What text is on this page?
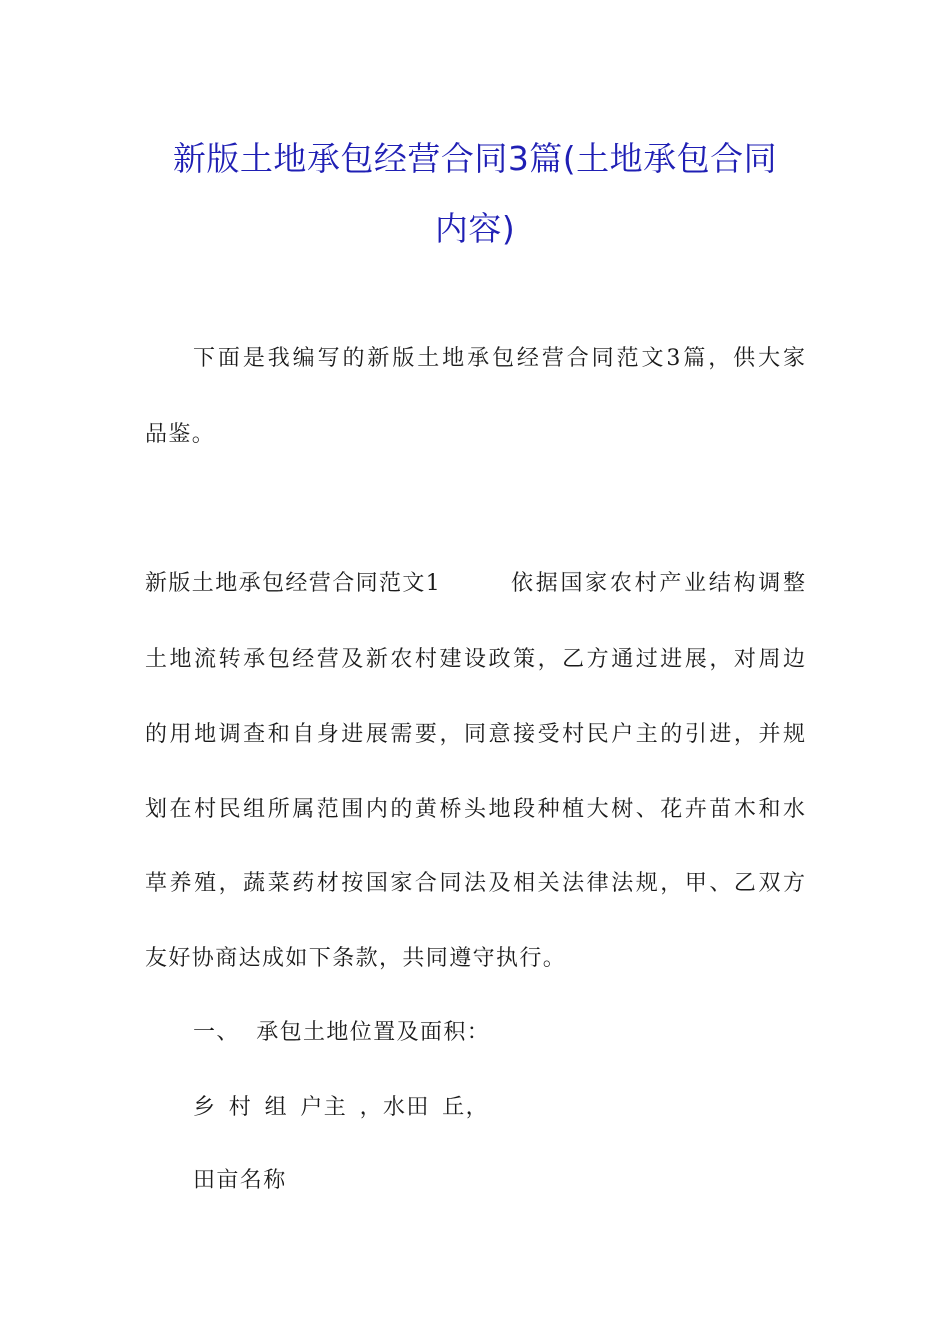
新版土地承包经营合同3篇(土地承包合同
内容)
下面是我编写的新版土地承包经营合同范文3篇，供大家
品鉴。
新版土地承包经营合同范文1	依据国家农村产业结构调整
土地流转承包经营及新农村建设政策，乙方通过进展，对周边
的用地调查和自身进展需要，同意接受村民户主的引进，并规
划在村民组所属范围内的黄桥头地段种植大树、花卉苗木和水
草养殖，蔬菜药材按国家合同法及相关法律法规，甲、乙双方
友好协商达成如下条款，共同遵守执行。
一、 承包土地位置及面积：
乡 村 组 户主 ，水田 丘，
田亩名称
